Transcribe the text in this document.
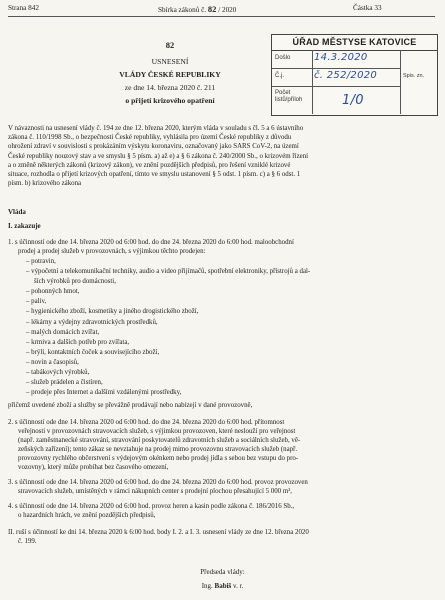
Strana 842	Sbírka zákonů č. 82 / 2020	Částka 33
ÚŘAD MĚSTYSE KATOVICE
Došlo 14.3.2020
Č.j.	č. 252/2020
Počet listů/příloh	1/0
Spis. zn.
82
USNESENÍ
VLÁDY ČESKÉ REPUBLIKY
ze dne 14. března 2020 č. 211
o přijetí krizového opatření
V návaznosti na usnesení vlády č. 194 ze dne 12. března 2020, kterým vláda v souladu s čl. 5 a 6 ústavního
zákona č. 110/1998 Sb., o bezpečnosti České republiky, vyhlásila pro území České republiky z důvodu
ohrožení zdraví v souvislosti s prokázáním výskytu koronaviru, označovaný jako SARS CoV-2, na území
České republiky nouzový stav a ve smyslu § 5 písm. a) až e) a § 6 zákona č. 240/2000 Sb., o krizovém řízení
a o změně některých zákonů (krizový zákon), ve znění pozdějších předpisů, pro řešení vzniklé krizové
situace, rozhodla o přijetí krizových opatření, tímto ve smyslu ustanovení § 5 odst. 1 písm. c) a § 6 odst. 1
písm. b) krizového zákona
Vláda
I. zakazuje
1. s účinností ode dne 14. března 2020 od 6:00 hod. do dne 24. března 2020 do 6:00 hod. maloobchodní
prodej a prodej služeb v provozovnách, s výjimkou těchto prodejen:
– potravin,
– výpočetní a telekomunikační techniky, audio a video přijímačů, spotřební elektroniky, přístrojů a dal-
ších výrobků pro domácnosti,
– pohonných hmot,
– paliv,
– hygienického zboží, kosmetiky a jiného drogistického zboží,
– lékárny a výdejny zdravotnických prostředků,
– malých domácích zvířat,
– krmiva a dalších potřeb pro zvířata,
– brýlí, kontaktních čoček a souvisejícího zboží,
– novin a časopisů,
– tabákových výrobků,
– služeb prádelen a čistíren,
– prodeje přes Internet a dalšími vzdálenými prostředky,
přičemž uvedené zboží a služby se převážně prodávají nebo nabízejí v dané provozovně,
2. s účinností ode dne 14. března 2020 od 6:00 hod. do dne 24. března 2020 do 6:00 hod. přítomnost
veřejnosti v provozovnách stravovacích služeb, s výjimkou provozoven, které neslouží pro veřejnost
(např. zaměstnanecké stravování, stravování poskytovatelů zdravotních služeb a sociálních služeb, vě-
zeňských zařízení); tento zákaz se nevztahuje na prodej mimo provozovnu stravovacích služeb (např.
provozovny rychlého občerstvení s výdejovým okénkem nebo prodej jídla s sebou bez vstupu do pro-
vozovny), který může probíhat bez časového omezení,
3. s účinností ode dne 14. března 2020 od 6:00 hod. do dne 24. března 2020 do 6:00 hod. provoz provozoven
stravovacích služeb, umístěných v rámci nákupních center s prodejní plochou přesahující 5 000 m²,
4. s účinností ode dne 14. března 2020 od 6:00 hod. provoz heren a kasin podle zákona č. 186/2016 Sb.,
o hazardních hrách, ve znění pozdějších předpisů,
II. ruší s účinností ke dni 14. března 2020 k 6:00 hod. body I. 2. a I. 3. usnesení vlády ze dne 12. března 2020
č. 199.
Předseda vlády:
Ing. Babiš v. r.
